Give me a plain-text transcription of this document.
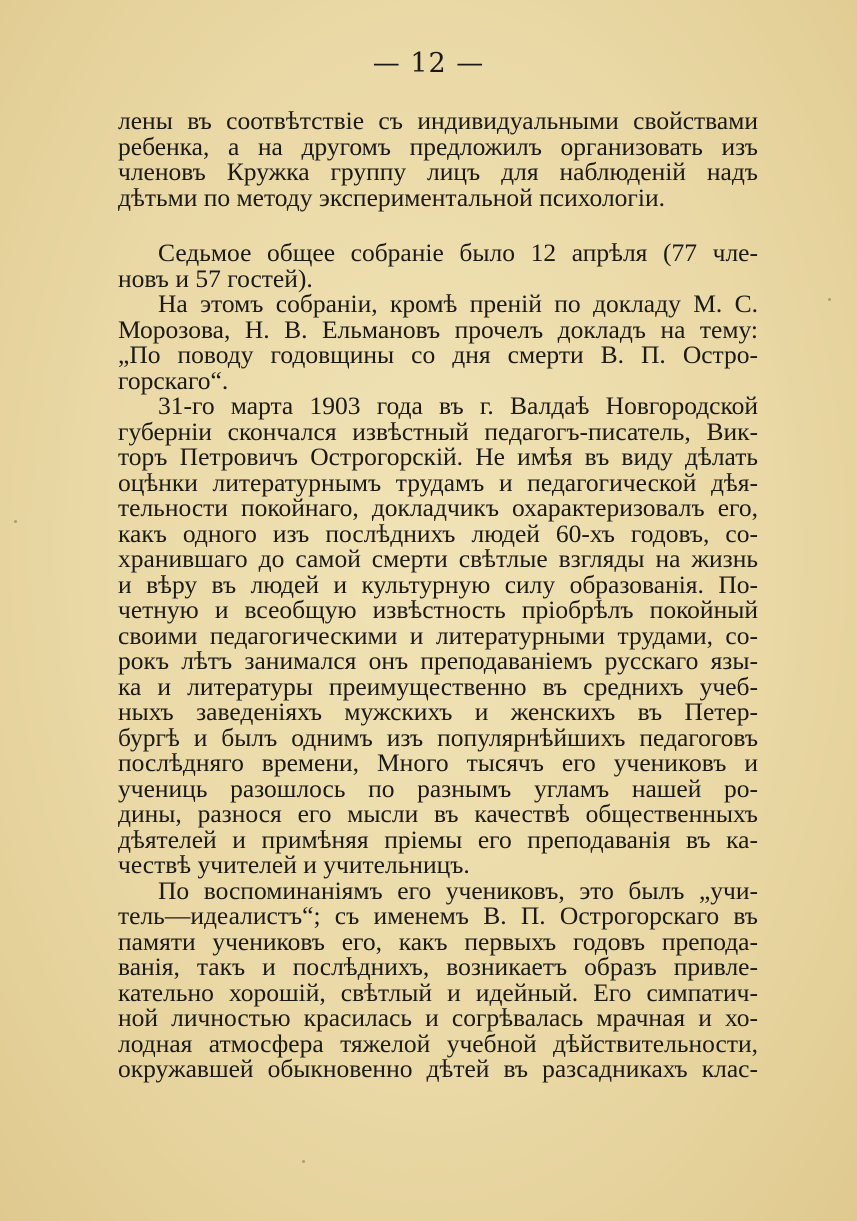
— 12 —
лены въ соотвѣтствіе съ индивидуальными свойствами
ребенка, а на другомъ предложилъ организовать изъ
членовъ Кружка группу лицъ для наблюденій надъ
дѣтьми по методу экспериментальной психологіи.
Седьмое общее собраніе было 12 апрѣля (77 чле-
новъ и 57 гостей).
На этомъ собраніи, кромѣ преній по докладу М. С.
Морозова, Н. В. Ельмановъ прочелъ докладъ на тему:
„По поводу годовщины со дня смерти В. П. Остро-
горскаго“.
31-го марта 1903 года въ г. Валдаѣ Новгородской
губерніи скончался извѣстный педагогъ-писатель, Вик-
торъ Петровичъ Острогорскій. Не имѣя въ виду дѣлать
оцѣнки литературнымъ трудамъ и педагогической дѣя-
тельности покойнаго, докладчикъ охарактеризовалъ его,
какъ одного изъ послѣднихъ людей 60-хъ годовъ, со-
хранившаго до самой смерти свѣтлые взгляды на жизнь
и вѣру въ людей и культурную силу образованія. По-
четную и всеобщую извѣстность пріобрѣлъ покойный
своими педагогическими и литературными трудами, со-
рокъ лѣтъ занимался онъ преподаваніемъ русскаго язы-
ка и литературы преимущественно въ среднихъ учеб-
ныхъ заведеніяхъ мужскихъ и женскихъ въ Петер-
бургѣ и былъ однимъ изъ популярнѣйшихъ педагоговъ
послѣдняго времени, Много тысячъ его учениковъ и
учениць разошлось по разнымъ угламъ нашей ро-
дины, разнося его мысли въ качествѣ общественныхъ
дѣятелей и примѣняя пріемы его преподаванія въ ка-
чествѣ учителей и учительницъ.
По воспоминаніямъ его учениковъ, это былъ „учи-
тель—идеалистъ“; съ именемъ В. П. Острогорскаго въ
памяти учениковъ его, какъ первыхъ годовъ препода-
ванія, такъ и послѣднихъ, возникаетъ образъ привле-
кательно хорошій, свѣтлый и идейный. Его симпатич-
ной личностью красилась и согрѣвалась мрачная и хо-
лодная атмосфера тяжелой учебной дѣйствительности,
окружавшей обыкновенно дѣтей въ разсадникахъ клас-
